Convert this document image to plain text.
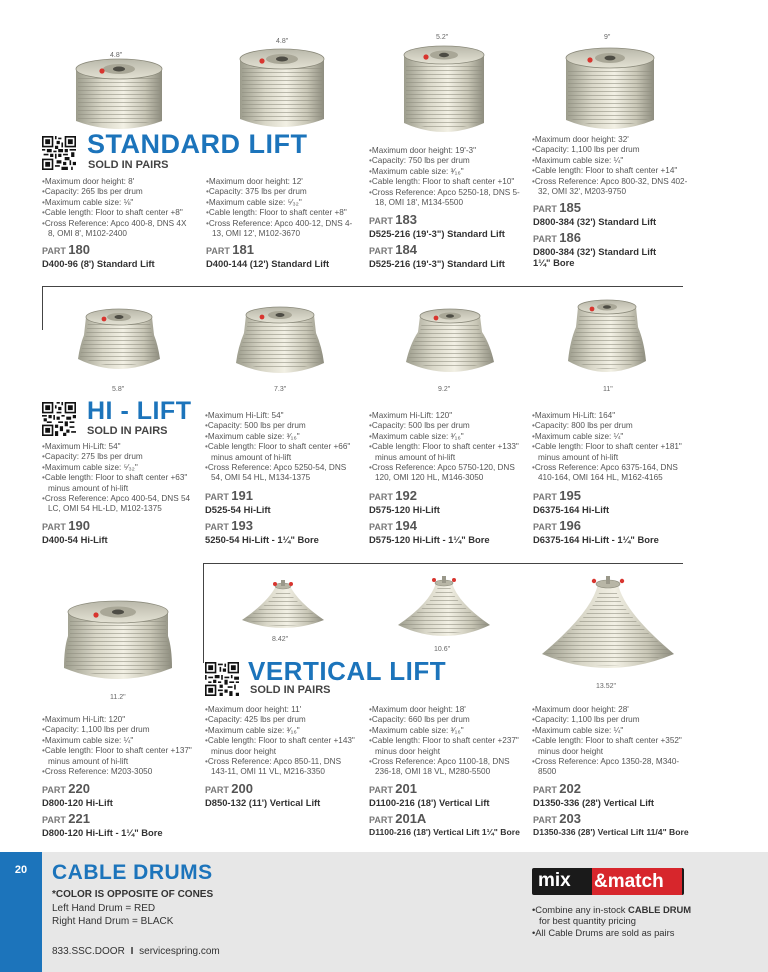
4.8"
4.8"
5.2"	9"
STANDARD LIFT
SOLD IN PAIRS
• Maximum door height: 8'
• Capacity: 265 lbs per drum
• Maximum cable size: ⅛"
• Cable length: Floor to shaft center +8"
• Cross Reference: Apco 400-8, DNS 4X 8, OMI 8', M102-2400
PART 180
D400-96 (8') Standard Lift
• Maximum door height: 12'
• Capacity: 375 lbs per drum
• Maximum cable size: ⁵⁄₃₂"
• Cable length: Floor to shaft center +8"
• Cross Reference: Apco 400-12, DNS 4-13, OMI 12', M102-3670
PART 181
D400-144 (12') Standard Lift
• Maximum door height: 19'-3"
• Capacity: 750 lbs per drum
• Maximum cable size: ³⁄₁₆"
• Cable length: Floor to shaft center +10"
• Cross Reference: Apco 5250-18, DNS 5-18, OMI 18', M134-5500
PART 183
D525-216 (19'-3") Standard Lift
PART 184
D525-216 (19'-3") Standard Lift
• Maximum door height: 32'
• Capacity: 1,100 lbs per drum
• Maximum cable size: ¼"
• Cable length: Floor to shaft center +14"
• Cross Reference: Apco 800-32, DNS 402-32, OMI 32', M203-9750
PART 185
D800-384 (32') Standard Lift
PART 186
D800-384 (32') Standard Lift
1¼" Bore
5.8"	7.3"	9.2"	11"
HI - LIFT
SOLD IN PAIRS
• Maximum Hi-Lift: 54"
• Capacity: 275 lbs per drum
• Maximum cable size: ⁵⁄₃₂"
• Cable length: Floor to shaft center +63" minus amount of hi-lift
• Cross Reference: Apco 400-54, DNS 54 LC, OMI 54 HL-LD, M102-1375
PART 190
D400-54 Hi-Lift
• Maximum Hi-Lift: 54"
• Capacity: 500 lbs per drum
• Maximum cable size: ³⁄₁₆"
• Cable length: Floor to shaft center +66" minus amount of hi-lift
• Cross Reference: Apco 5250-54, DNS 54, OMI 54 HL, M134-1375
PART 191
D525-54 Hi-Lift
PART 193
5250-54 Hi-Lift - 1¼" Bore
• Maximum Hi-Lift: 120"
• Capacity: 500 lbs per drum
• Maximum cable size: ³⁄₁₆"
• Cable length: Floor to shaft center +133" minus amount of hi-lift
• Cross Reference: Apco 5750-120, DNS 120, OMI 120 HL, M146-3050
PART 192
D575-120 Hi-Lift
PART 194
D575-120 Hi-Lift - 1¼" Bore
• Maximum Hi-Lift: 164"
• Capacity: 800 lbs per drum
• Maximum cable size: ¼"
• Cable length: Floor to shaft center +181" minus amount of hi-lift
• Cross Reference: Apco 6375-164, DNS 410-164, OMI 164 HL, M162-4165
PART 195
D6375-164 Hi-Lift
PART 196
D6375-164 Hi-Lift - 1¼" Bore
11.2"
8.42"
10.6"
13.52"
VERTICAL LIFT
SOLD IN PAIRS
• Maximum Hi-Lift: 120"
• Capacity: 1,100 lbs per drum
• Maximum cable size: ¼"
• Cable length: Floor to shaft center +137" minus amount of hi-lift
• Cross Reference: M203-3050
PART 220
D800-120 Hi-Lift
PART 221
D800-120 Hi-Lift - 1¼" Bore
• Maximum door height: 11'
• Capacity: 425 lbs per drum
• Maximum cable size: ³⁄₁₆"
• Cable length: Floor to shaft center +143" minus door height
• Cross Reference: Apco 850-11, DNS 143-11, OMI 11 VL, M216-3350
PART 200
D850-132 (11') Vertical Lift
• Maximum door height: 18'
• Capacity: 660 lbs per drum
• Maximum cable size: ³⁄₁₆"
• Cable length: Floor to shaft center +237" minus door height
• Cross Reference: Apco 1100-18, DNS 236-18, OMI 18 VL, M280-5500
PART 201
D1100-216 (18') Vertical Lift
PART 201A
D1100-216 (18') Vertical Lift 1¼" Bore
• Maximum door height: 28'
• Capacity: 1,100 lbs per drum
• Maximum cable size: ¼"
• Cable length: Floor to shaft center +352" minus door height
• Cross Reference: Apco 1350-28, M340-8500
PART 202
D1350-336 (28') Vertical Lift
PART 203
D1350-336 (28') Vertical Lift 11/4" Bore
20	CABLE DRUMS
*COLOR IS OPPOSITE OF CONES
Left Hand Drum = RED
Right Hand Drum = BLACK
833.SSC.DOOR I servicespring.com
mix &match
• Combine any in-stock CABLE DRUM for best quantity pricing
• All Cable Drums are sold as pairs
